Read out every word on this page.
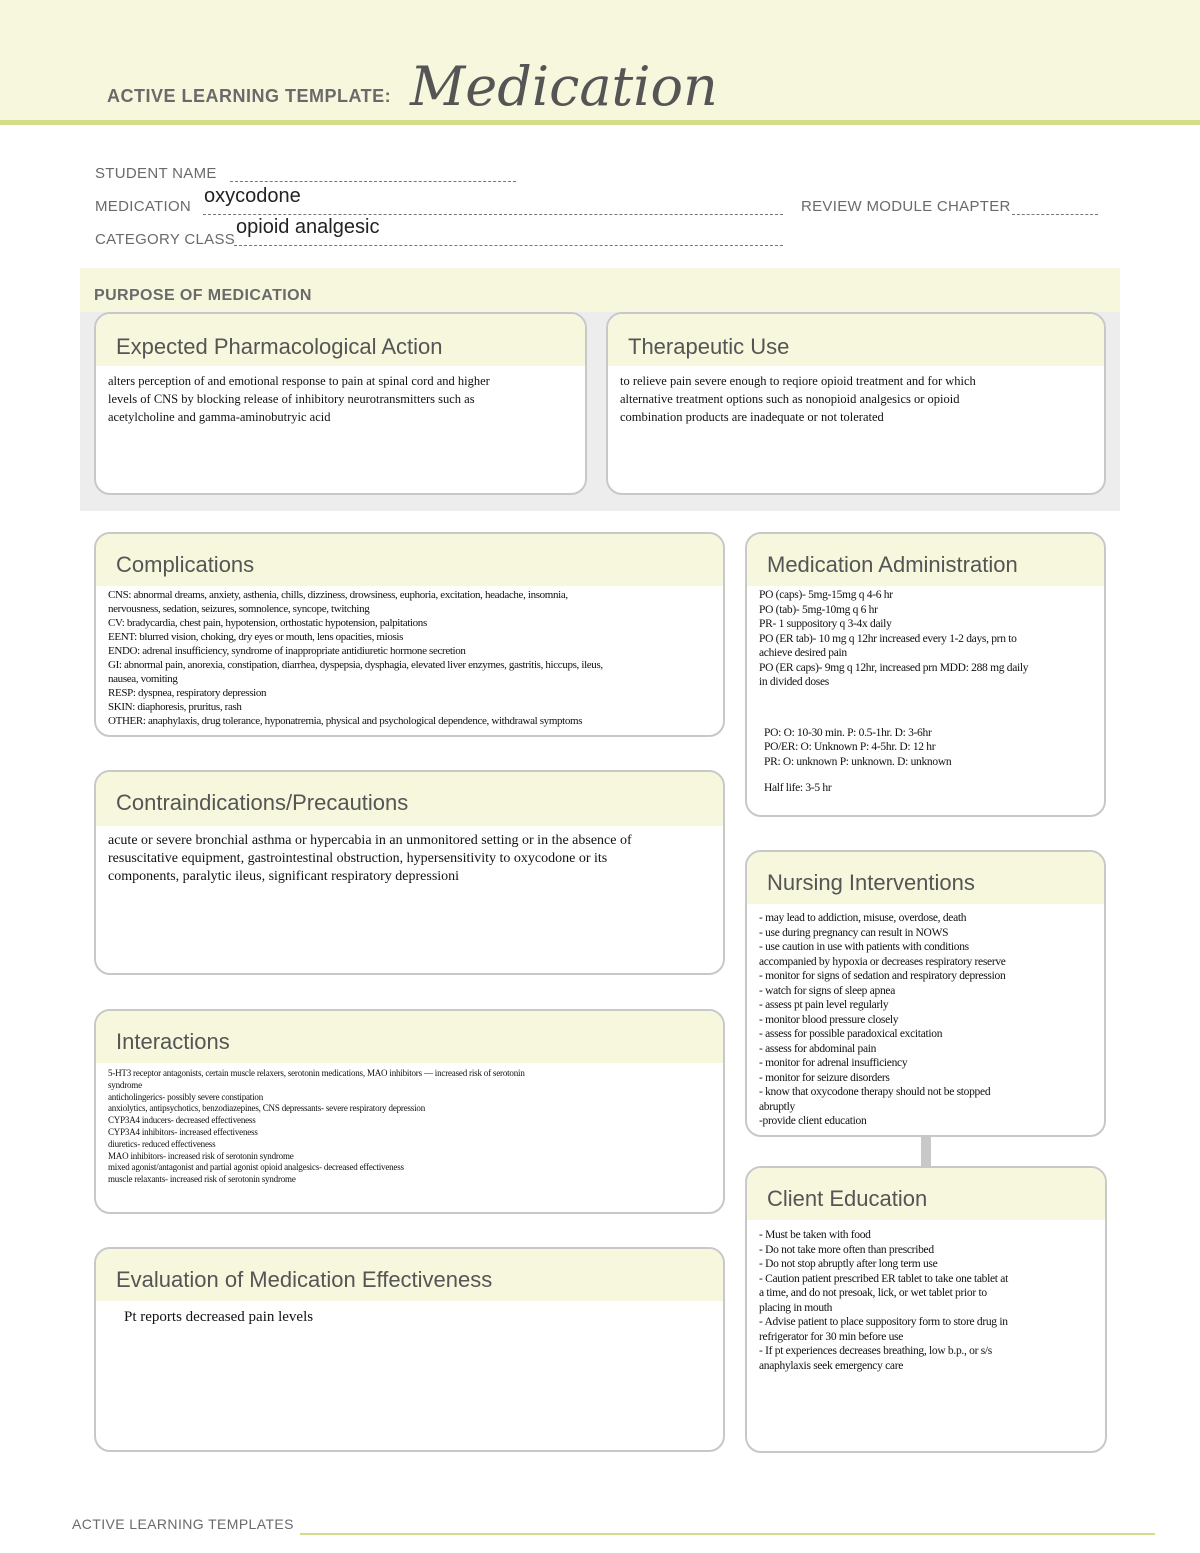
ACTIVE LEARNING TEMPLATE: Medication
STUDENT NAME
MEDICATION oxycodone	REVIEW MODULE CHAPTER
CATEGORY CLASS
opioid analgesic
PURPOSE OF MEDICATION
Expected Pharmacological Action
alters perception of and emotional response to pain at spinal cord and higher
levels of CNS by blocking release of inhibitory neurotransmitters such as
acetylcholine and gamma-aminobutryic acid
Therapeutic Use
to relieve pain severe enough to reqiore opioid treatment and for which
alternative treatment options such as nonopioid analgesics or opioid
combination products are inadequate or not tolerated
Complications
CNS: abnormal dreams, anxiety, asthenia, chills, dizziness, drowsiness, euphoria, excitation, headache, insomnia,
nervousness, sedation, seizures, somnolence, syncope, twitching
CV: bradycardia, chest pain, hypotension, orthostatic hypotension, palpitations
EENT: blurred vision, choking, dry eyes or mouth, lens opacities, miosis
ENDO: adrenal insufficiency, syndrome of inappropriate antidiuretic hormone secretion
GI: abnormal pain, anorexia, constipation, diarrhea, dyspepsia, dysphagia, elevated liver enzymes, gastritis, hiccups, ileus,
nausea, vomiting
RESP: dyspnea, respiratory depression
SKIN: diaphoresis, pruritus, rash
OTHER: anaphylaxis, drug tolerance, hyponatremia, physical and psychological dependence, withdrawal symptoms
Medication Administration
PO (caps)- 5mg-15mg q 4-6 hr
PO (tab)- 5mg-10mg q 6 hr
PR- 1 suppository q 3-4x daily
PO (ER tab)- 10 mg q 12hr increased every 1-2 days, prn to
achieve desired pain
PO (ER caps)- 9mg q 12hr, increased prn MDD: 288 mg daily
in divided doses
PO: O: 10-30 min. P: 0.5-1hr. D: 3-6hr
PO/ER: O: Unknown P: 4-5hr. D: 12 hr
PR: O: unknown P: unknown. D: unknown
Half life: 3-5 hr
Contraindications/Precautions
acute or severe bronchial asthma or hypercabia in an unmonitored setting or in the absence of
resuscitative equipment, gastrointestinal obstruction, hypersensitivity to oxycodone or its
components, paralytic ileus, significant respiratory depressioni	Nursing Interventions
- may lead to addiction, misuse, overdose, death
- use during pregnancy can result in NOWS
- use caution in use with patients with conditions
accompanied by hypoxia or decreases respiratory reserve
- monitor for signs of sedation and respiratory depression
- watch for signs of sleep apnea
- assess pt pain level regularly
- monitor blood pressure closely
- assess for possible paradoxical excitation
- assess for abdominal pain
- monitor for adrenal insufficiency
- monitor for seizure disorders
- know that oxycodone therapy should not be stopped
abruptly
-provide client education
Interactions
5-HT3 receptor antagonists, certain muscle relaxers, serotonin medications, MAO inhibitors — increased risk of serotonin
syndrome
anticholingerics- possibly severe constipation
anxiolytics, antipsychotics, benzodiazepines, CNS depressants- severe respiratory depression
CYP3A4 inducers- decreased effectiveness
CYP3A4 inhibitors- increased effectiveness
diuretics- reduced effectiveness
MAO inhibitors- increased risk of serotonin syndrome
mixed agonist/antagonist and partial agonist opioid analgesics- decreased effectiveness
muscle relaxants- increased risk of serotonin syndrome
Client Education
- Must be taken with food
- Do not take more often than prescribed
- Do not stop abruptly after long term use
- Caution patient prescribed ER tablet to take one tablet at
a time, and do not presoak, lick, or wet tablet prior to
placing in mouth
- Advise patient to place suppository form to store drug in
refrigerator for 30 min before use
- If pt experiences decreases breathing, low b.p., or s/s
anaphylaxis seek emergency care
Evaluation of Medication Effectiveness
Pt reports decreased pain levels
ACTIVE LEARNING TEMPLATES
